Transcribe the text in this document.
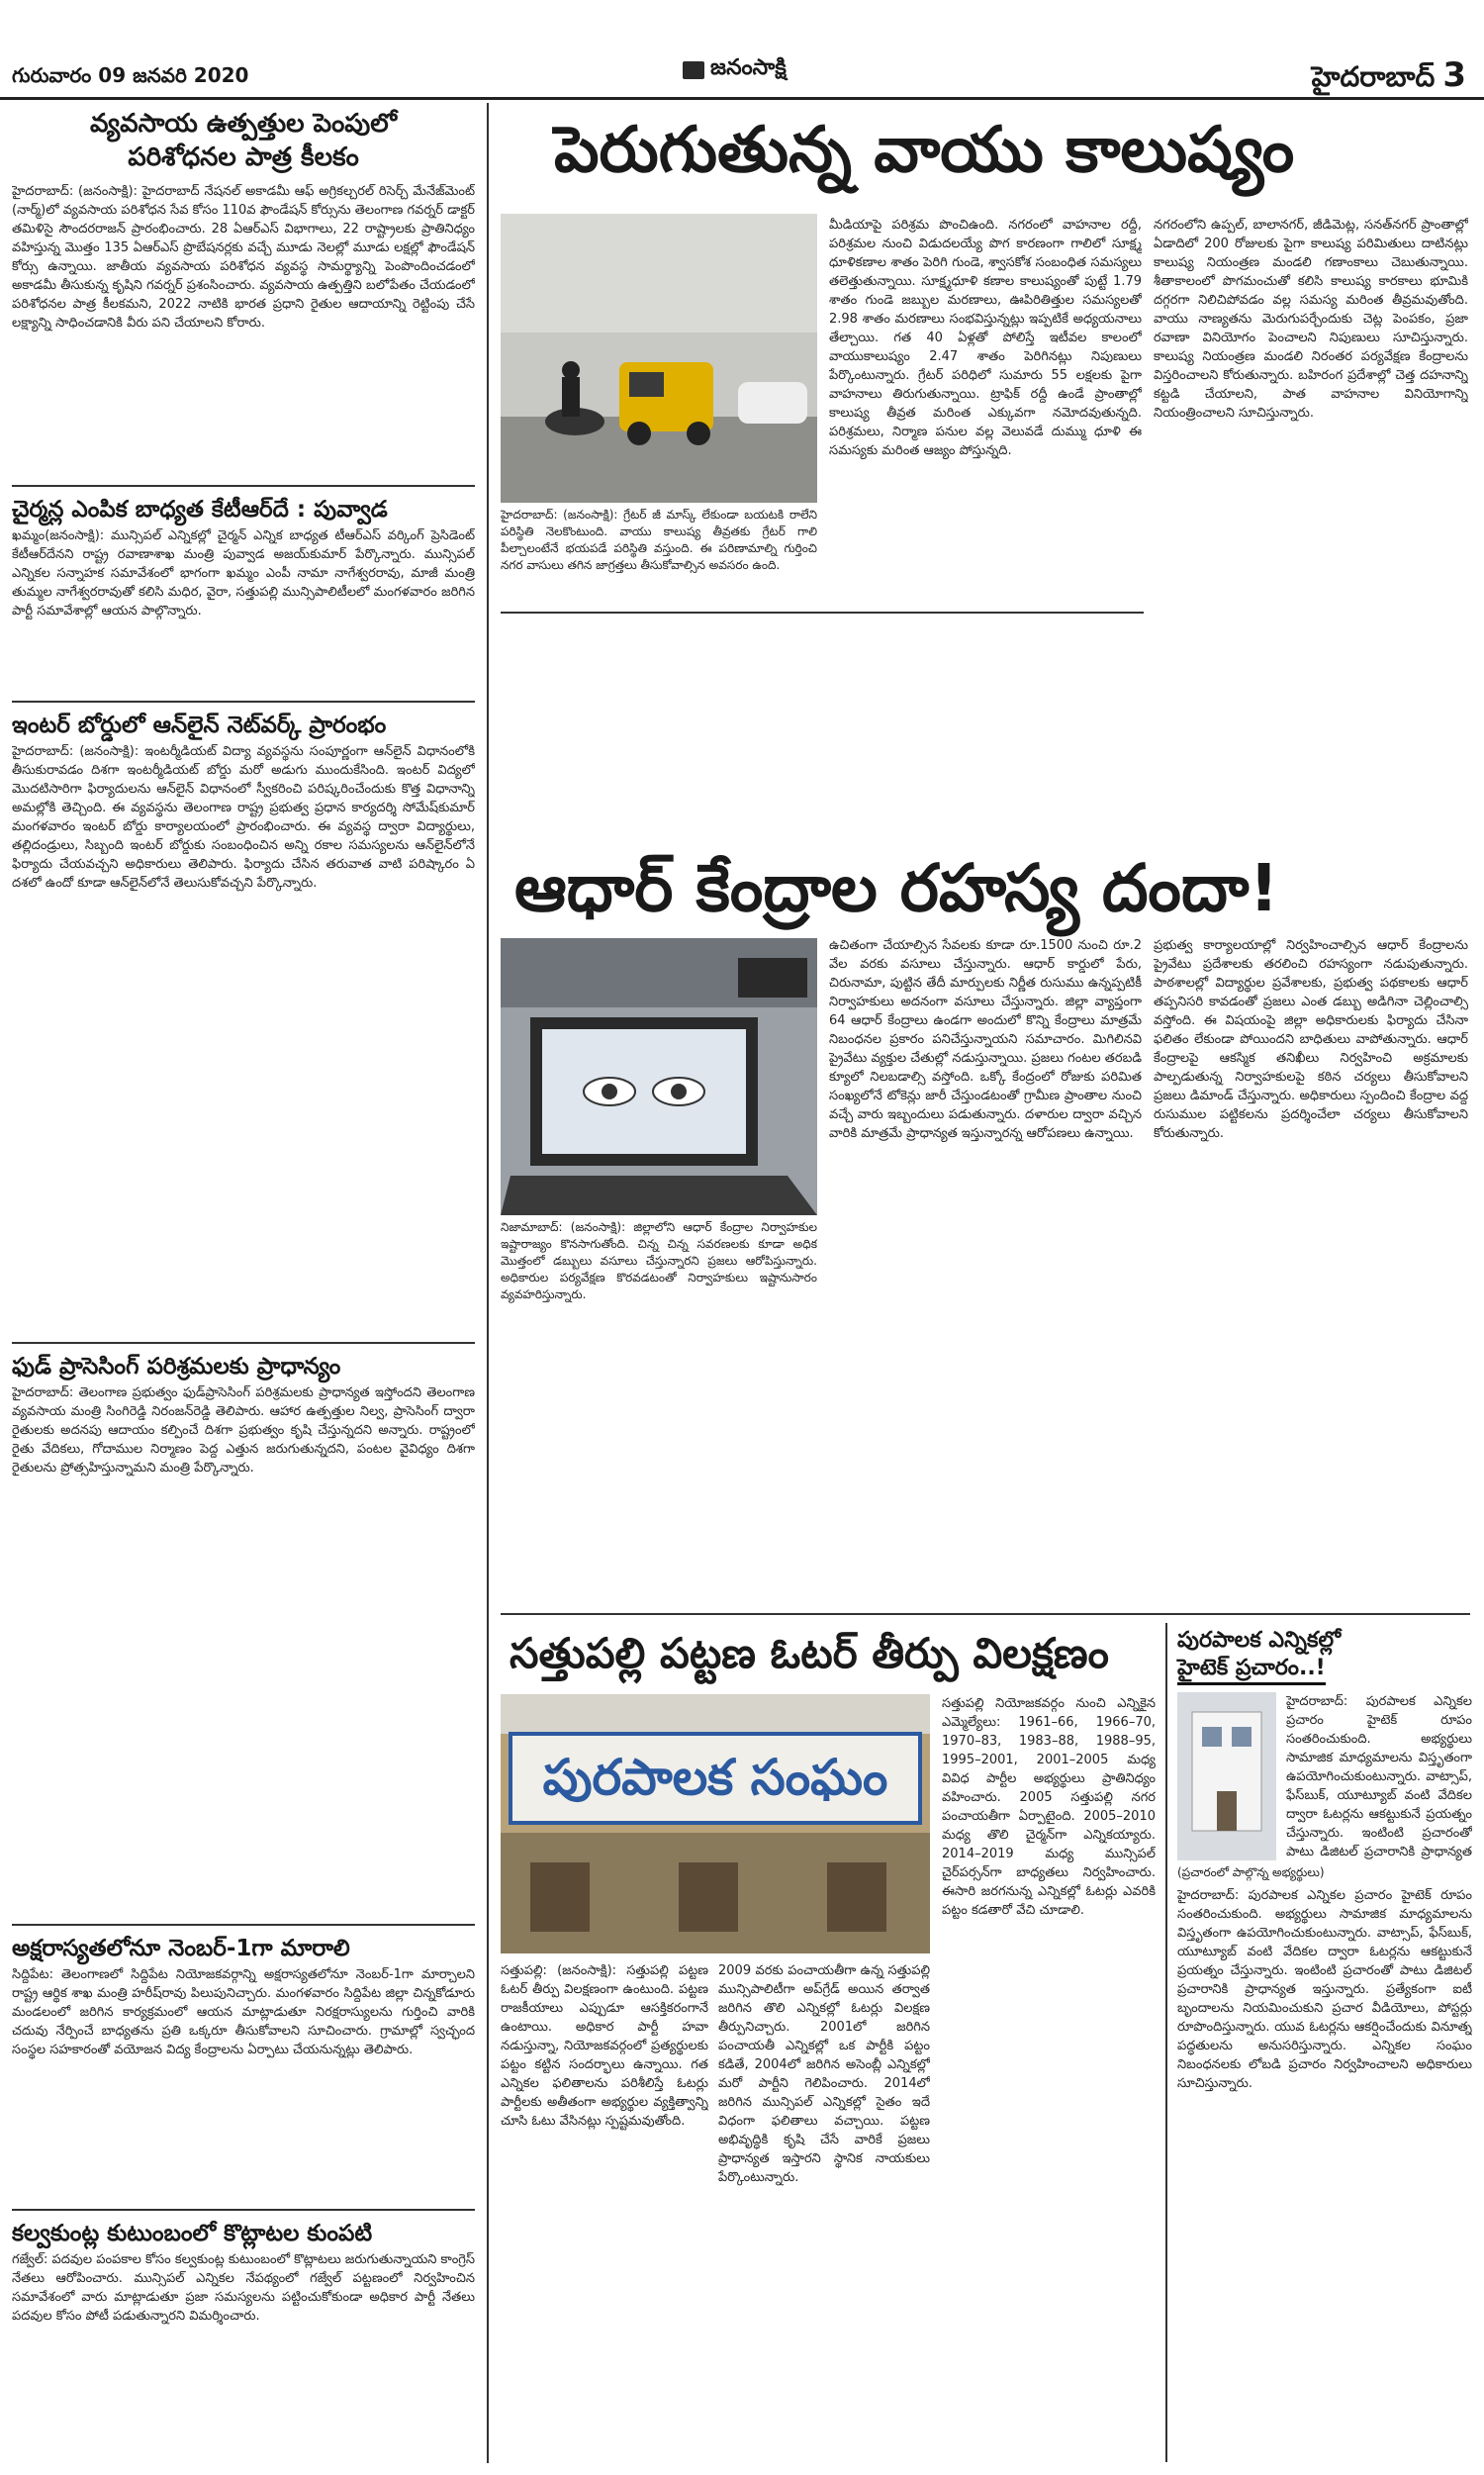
గురువారం 09 జనవరి 2020	జనంసాక్షి	హైదరాబాద్ 3
వ్యవసాయ ఉత్పత్తుల పెంపులో
పరిశోధనల పాత్ర కీలకం
హైదరాబాద్‌: (జనంసాక్షి): హైదరాబాద్‌ నేషనల్‌ అకాడమీ ఆఫ్‌ అగ్రికల్చరల్‌ రిసెర్చ్‌ మేనేజ్‌మెంట్‌ (నార్మ్‌)లో వ్యవసాయ పరిశోధన సేవ కోసం 110వ ఫౌండేషన్‌ కోర్సును తెలంగాణ గవర్నర్‌ డాక్టర్‌ తమిళిసై సౌందరరాజన్‌ ప్రారంభించారు. 28 ఏఆర్‌ఎస్‌ విభాగాలు, 22 రాష్ట్రాలకు ప్రాతినిధ్యం వహిస్తున్న మొత్తం 135 ఏఆర్‌ఎస్‌ ప్రొబేషనర్లకు వచ్చే మూడు నెలల్లో మూడు లక్షల్లో ఫౌండేషన్‌ కోర్సు ఉన్నాయి. జాతీయ వ్యవసాయ పరిశోధన వ్యవస్థ సామర్థ్యాన్ని పెంపొందించడంలో అకాడమీ తీసుకున్న కృషిని గవర్నర్‌ ప్రశంసించారు. వ్యవసాయ ఉత్పత్తిని బలోపేతం చేయడంలో పరిశోధనల పాత్ర కీలకమని, 2022 నాటికి భారత ప్రధాని రైతుల ఆదాయాన్ని రెట్టింపు చేసే లక్ష్యాన్ని సాధించడానికి వీరు పని చేయాలని కోరారు.
చైర్మన్ల ఎంపిక బాధ్యత కేటీఆర్‌దే : పువ్వాడ
ఖమ్మం(జనంసాక్షి): మున్సిపల్‌ ఎన్నికల్లో చైర్మన్‌ ఎన్నిక బాధ్యత టీఆర్‌ఎస్‌ వర్కింగ్‌ ప్రెసిడెంట్‌ కేటీఆర్‌దేనని రాష్ట్ర రవాణాశాఖ మంత్రి పువ్వాడ అజయ్‌కుమార్‌ పేర్కొన్నారు. మున్సిపల్‌ ఎన్నికల సన్నాహక సమావేశంలో భాగంగా ఖమ్మం ఎంపీ నామా నాగేశ్వరరావు, మాజీ మంత్రి తుమ్మల నాగేశ్వరరావుతో కలిసి మధిర, వైరా, సత్తుపల్లి మున్సిపాలిటీలలో మంగళవారం జరిగిన పార్టీ సమావేశాల్లో ఆయన పాల్గొన్నారు.
ఇంటర్‌ బోర్డులో ఆన్‌లైన్‌ నెట్‌వర్క్‌ ప్రారంభం
హైదరాబాద్‌: (జనంసాక్షి): ఇంటర్మీడియట్‌ విద్యా వ్యవస్థను సంపూర్ణంగా ఆన్‌లైన్‌ విధానంలోకి తీసుకురావడం దిశగా ఇంటర్మీడియట్‌ బోర్డు మరో అడుగు ముందుకేసింది. ఇంటర్‌ విద్యలో మొదటిసారిగా ఫిర్యాదులను ఆన్‌లైన్‌ విధానంలో స్వీకరించి పరిష్కరించేందుకు కొత్త విధానాన్ని అమల్లోకి తెచ్చింది. ఈ వ్యవస్థను తెలంగాణ రాష్ట్ర ప్రభుత్వ ప్రధాన కార్యదర్శి సోమేష్‌కుమార్‌ మంగళవారం ఇంటర్‌ బోర్డు కార్యాలయంలో ప్రారంభించారు. ఈ వ్యవస్థ ద్వారా విద్యార్థులు, తల్లిదండ్రులు, సిబ్బంది ఇంటర్‌ బోర్డుకు సంబంధించిన అన్ని రకాల సమస్యలను ఆన్‌లైన్‌లోనే ఫిర్యాదు చేయవచ్చని అధికారులు తెలిపారు. ఫిర్యాదు చేసిన తరువాత వాటి పరిష్కారం ఏ దశలో ఉందో కూడా ఆన్‌లైన్‌లోనే తెలుసుకోవచ్చని పేర్కొన్నారు.
ఫుడ్‌ ప్రాసెసింగ్‌ పరిశ్రమలకు ప్రాధాన్యం
హైదరాబాద్‌: తెలంగాణ ప్రభుత్వం ఫుడ్‌ప్రాసెసింగ్‌ పరిశ్రమలకు ప్రాధాన్యత ఇస్తోందని తెలంగాణ వ్యవసాయ మంత్రి సింగిరెడ్డి నిరంజన్‌రెడ్డి తెలిపారు. ఆహార ఉత్పత్తుల నిల్వ, ప్రాసెసింగ్‌ ద్వారా రైతులకు అదనపు ఆదాయం కల్పించే దిశగా ప్రభుత్వం కృషి చేస్తున్నదని అన్నారు. రాష్ట్రంలో రైతు వేదికలు, గోదాముల నిర్మాణం పెద్ద ఎత్తున జరుగుతున్నదని, పంటల వైవిధ్యం దిశగా రైతులను ప్రోత్సహిస్తున్నామని మంత్రి పేర్కొన్నారు.
అక్షరాస్యతలోనూ నెంబర్‌-1గా మారాలి
సిద్దిపేట: తెలంగాణలో సిద్దిపేట నియోజకవర్గాన్ని అక్షరాస్యతలోనూ నెంబర్‌-1గా మార్చాలని రాష్ట్ర ఆర్థిక శాఖ మంత్రి హరీష్‌రావు పిలుపునిచ్చారు. మంగళవారం సిద్దిపేట జిల్లా చిన్నకోడూరు మండలంలో జరిగిన కార్యక్రమంలో ఆయన మాట్లాడుతూ నిరక్షరాస్యులను గుర్తించి వారికి చదువు నేర్పించే బాధ్యతను ప్రతి ఒక్కరూ తీసుకోవాలని సూచించారు. గ్రామాల్లో స్వచ్ఛంద సంస్థల సహకారంతో వయోజన విద్య కేంద్రాలను ఏర్పాటు చేయనున్నట్లు తెలిపారు.
కల్వకుంట్ల కుటుంబంలో కొట్లాటల కుంపటి
గజ్వేల్‌: పదవుల పంపకాల కోసం కల్వకుంట్ల కుటుంబంలో కొట్లాటలు జరుగుతున్నాయని కాంగ్రెస్‌ నేతలు ఆరోపించారు. మున్సిపల్‌ ఎన్నికల నేపథ్యంలో గజ్వేల్‌ పట్టణంలో నిర్వహించిన సమావేశంలో వారు మాట్లాడుతూ ప్రజా సమస్యలను పట్టించుకోకుండా అధికార పార్టీ నేతలు పదవుల కోసం పోటీ పడుతున్నారని విమర్శించారు.
పెరుగుతున్న వాయు కాలుష్యం
హైదరాబాద్‌: (జనంసాక్షి): గ్రేటర్‌ జీ మాస్క్‌ లేకుండా బయటకి రాలేని పరిస్థితి నెలకొంటుంది. వాయు కాలుష్య తీవ్రతకు గ్రేటర్‌ గాలి పీల్చాలంటేనే భయపడే పరిస్థితి వస్తుంది. ఈ పరిణామాల్ని గుర్తించి నగర వాసులు తగిన జాగ్రత్తలు తీసుకోవాల్సిన అవసరం ఉంది.
మీడియాపై పరిశ్రమ పొంచిఉంది. నగరంలో వాహనాల రద్దీ, పరిశ్రమల నుంచి విడుదలయ్యే పొగ కారణంగా గాలిలో సూక్ష్మ ధూళికణాల శాతం పెరిగి గుండె, శ్వాసకోశ సంబంధిత సమస్యలు తలెత్తుతున్నాయి. సూక్ష్మధూళి కణాల కాలుష్యంతో పుట్టే 1.79 శాతం గుండె జబ్బుల మరణాలు, ఊపిరితిత్తుల సమస్యలతో 2.98 శాతం మరణాలు సంభవిస్తున్నట్లు ఇప్పటికే అధ్యయనాలు తేల్చాయి. గత 40 ఏళ్లతో పోలిస్తే ఇటీవల కాలంలో వాయుకాలుష్యం 2.47 శాతం పెరిగినట్లు నిపుణులు పేర్కొంటున్నారు. గ్రేటర్‌ పరిధిలో సుమారు 55 లక్షలకు పైగా వాహనాలు తిరుగుతున్నాయి. ట్రాఫిక్‌ రద్దీ ఉండే ప్రాంతాల్లో కాలుష్య తీవ్రత మరింత ఎక్కువగా నమోదవుతున్నది. పరిశ్రమలు, నిర్మాణ పనుల వల్ల వెలువడే దుమ్ము ధూళి ఈ సమస్యకు మరింత ఆజ్యం పోస్తున్నది.
నగరంలోని ఉప్పల్‌, బాలానగర్‌, జీడిమెట్ల, సనత్‌నగర్‌ ప్రాంతాల్లో ఏడాదిలో 200 రోజులకు పైగా కాలుష్య పరిమితులు దాటినట్లు కాలుష్య నియంత్రణ మండలి గణాంకాలు చెబుతున్నాయి. శీతాకాలంలో పొగమంచుతో కలిసి కాలుష్య కారకాలు భూమికి దగ్గరగా నిలిచిపోవడం వల్ల సమస్య మరింత తీవ్రమవుతోంది. వాయు నాణ్యతను మెరుగుపర్చేందుకు చెట్ల పెంపకం, ప్రజా రవాణా వినియోగం పెంచాలని నిపుణులు సూచిస్తున్నారు. కాలుష్య నియంత్రణ మండలి నిరంతర పర్యవేక్షణ కేంద్రాలను విస్తరించాలని కోరుతున్నారు. బహిరంగ ప్రదేశాల్లో చెత్త దహనాన్ని కట్టడి చేయాలని, పాత వాహనాల వినియోగాన్ని నియంత్రించాలని సూచిస్తున్నారు.
ఆధార్‌ కేంద్రాల రహస్య దందా!
నిజామాబాద్‌: (జనంసాక్షి): జిల్లాలోని ఆధార్‌ కేంద్రాల నిర్వాహకుల ఇష్టారాజ్యం కొనసాగుతోంది. చిన్న చిన్న సవరణలకు కూడా అధిక మొత్తంలో డబ్బులు వసూలు చేస్తున్నారని ప్రజలు ఆరోపిస్తున్నారు. అధికారుల పర్యవేక్షణ కొరవడటంతో నిర్వాహకులు ఇష్టానుసారం వ్యవహరిస్తున్నారు.
ఉచితంగా చేయాల్సిన సేవలకు కూడా రూ.1500 నుంచి రూ.2 వేల వరకు వసూలు చేస్తున్నారు. ఆధార్‌ కార్డులో పేరు, చిరునామా, పుట్టిన తేదీ మార్పులకు నిర్ణీత రుసుము ఉన్నప్పటికీ నిర్వాహకులు అదనంగా వసూలు చేస్తున్నారు. జిల్లా వ్యాప్తంగా 64 ఆధార్‌ కేంద్రాలు ఉండగా అందులో కొన్ని కేంద్రాలు మాత్రమే నిబంధనల ప్రకారం పనిచేస్తున్నాయని సమాచారం. మిగిలినవి ప్రైవేటు వ్యక్తుల చేతుల్లో నడుస్తున్నాయి. ప్రజలు గంటల తరబడి క్యూలో నిలబడాల్సి వస్తోంది. ఒక్కో కేంద్రంలో రోజుకు పరిమిత సంఖ్యలోనే టోకెన్లు జారీ చేస్తుండటంతో గ్రామీణ ప్రాంతాల నుంచి వచ్చే వారు ఇబ్బందులు పడుతున్నారు. దళారుల ద్వారా వచ్చిన వారికి మాత్రమే ప్రాధాన్యత ఇస్తున్నారన్న ఆరోపణలు ఉన్నాయి.
ప్రభుత్వ కార్యాలయాల్లో నిర్వహించాల్సిన ఆధార్‌ కేంద్రాలను ప్రైవేటు ప్రదేశాలకు తరలించి రహస్యంగా నడుపుతున్నారు. పాఠశాలల్లో విద్యార్థుల ప్రవేశాలకు, ప్రభుత్వ పథకాలకు ఆధార్‌ తప్పనిసరి కావడంతో ప్రజలు ఎంత డబ్బు అడిగినా చెల్లించాల్సి వస్తోంది. ఈ విషయంపై జిల్లా అధికారులకు ఫిర్యాదు చేసినా ఫలితం లేకుండా పోయిందని బాధితులు వాపోతున్నారు. ఆధార్‌ కేంద్రాలపై ఆకస్మిక తనిఖీలు నిర్వహించి అక్రమాలకు పాల్పడుతున్న నిర్వాహకులపై కఠిన చర్యలు తీసుకోవాలని ప్రజలు డిమాండ్‌ చేస్తున్నారు. అధికారులు స్పందించి కేంద్రాల వద్ద రుసుముల పట్టికలను ప్రదర్శించేలా చర్యలు తీసుకోవాలని కోరుతున్నారు.
సత్తుపల్లి పట్టణ ఓటర్‌ తీర్పు విలక్షణం
పురపాలక సంఘం
సత్తుపల్లి: (జనంసాక్షి): సత్తుపల్లి పట్టణ ఓటర్‌ తీర్పు విలక్షణంగా ఉంటుంది. పట్టణ రాజకీయాలు ఎప్పుడూ ఆసక్తికరంగానే ఉంటాయి. అధికార పార్టీ హవా నడుస్తున్నా, నియోజకవర్గంలో ప్రత్యర్థులకు పట్టం కట్టిన సందర్భాలు ఉన్నాయి. గత ఎన్నికల ఫలితాలను పరిశీలిస్తే ఓటర్లు పార్టీలకు అతీతంగా అభ్యర్థుల వ్యక్తిత్వాన్ని చూసి ఓటు వేసినట్లు స్పష్టమవుతోంది.
2009 వరకు పంచాయతీగా ఉన్న సత్తుపల్లి మున్సిపాలిటీగా అప్‌గ్రేడ్‌ అయిన తర్వాత జరిగిన తొలి ఎన్నికల్లో ఓటర్లు విలక్షణ తీర్పునిచ్చారు. 2001లో జరిగిన పంచాయతీ ఎన్నికల్లో ఒక పార్టీకి పట్టం కడితే, 2004లో జరిగిన అసెంబ్లీ ఎన్నికల్లో మరో పార్టీని గెలిపించారు. 2014లో జరిగిన మున్సిపల్‌ ఎన్నికల్లో సైతం ఇదే విధంగా ఫలితాలు వచ్చాయి. పట్టణ అభివృద్ధికి కృషి చేసే వారికే ప్రజలు ప్రాధాన్యత ఇస్తారని స్థానిక నాయకులు పేర్కొంటున్నారు.
సత్తుపల్లి నియోజకవర్గం నుంచి ఎన్నికైన ఎమ్మెల్యేలు: 1961–66, 1966–70, 1970–83, 1983–88, 1988–95, 1995–2001, 2001–2005 మధ్య వివిధ పార్టీల అభ్యర్థులు ప్రాతినిధ్యం వహించారు. 2005 సత్తుపల్లి నగర పంచాయతీగా ఏర్పాటైంది. 2005–2010 మధ్య తొలి చైర్మన్‌గా ఎన్నికయ్యారు. 2014–2019 మధ్య మున్సిపల్‌ చైర్‌పర్సన్‌గా బాధ్యతలు నిర్వహించారు. ఈసారి జరగనున్న ఎన్నికల్లో ఓటర్లు ఎవరికి పట్టం కడతారో వేచి చూడాలి.
పురపాలక ఎన్నికల్లో
హైటెక్‌ ప్రచారం..!
(ప్రచారంలో పాల్గొన్న అభ్యర్థులు)
హైదరాబాద్‌: పురపాలక ఎన్నికల ప్రచారం హైటెక్‌ రూపం సంతరించుకుంది. అభ్యర్థులు సామాజిక మాధ్యమాలను విస్తృతంగా ఉపయోగించుకుంటున్నారు. వాట్సాప్‌, ఫేస్‌బుక్‌, యూట్యూబ్‌ వంటి వేదికల ద్వారా ఓటర్లను ఆకట్టుకునే ప్రయత్నం చేస్తున్నారు. ఇంటింటి ప్రచారంతో పాటు డిజిటల్‌ ప్రచారానికి ప్రాధాన్యత
హైదరాబాద్‌: పురపాలక ఎన్నికల ప్రచారం హైటెక్‌ రూపం సంతరించుకుంది. అభ్యర్థులు సామాజిక మాధ్యమాలను విస్తృతంగా ఉపయోగించుకుంటున్నారు. వాట్సాప్‌, ఫేస్‌బుక్‌, యూట్యూబ్‌ వంటి వేదికల ద్వారా ఓటర్లను ఆకట్టుకునే ప్రయత్నం చేస్తున్నారు. ఇంటింటి ప్రచారంతో పాటు డిజిటల్‌ ప్రచారానికి ప్రాధాన్యత ఇస్తున్నారు. ప్రత్యేకంగా ఐటీ బృందాలను నియమించుకుని ప్రచార వీడియోలు, పోస్టర్లు రూపొందిస్తున్నారు. యువ ఓటర్లను ఆకర్షించేందుకు వినూత్న పద్ధతులను అనుసరిస్తున్నారు. ఎన్నికల సంఘం నిబంధనలకు లోబడి ప్రచారం నిర్వహించాలని అధికారులు సూచిస్తున్నారు.
